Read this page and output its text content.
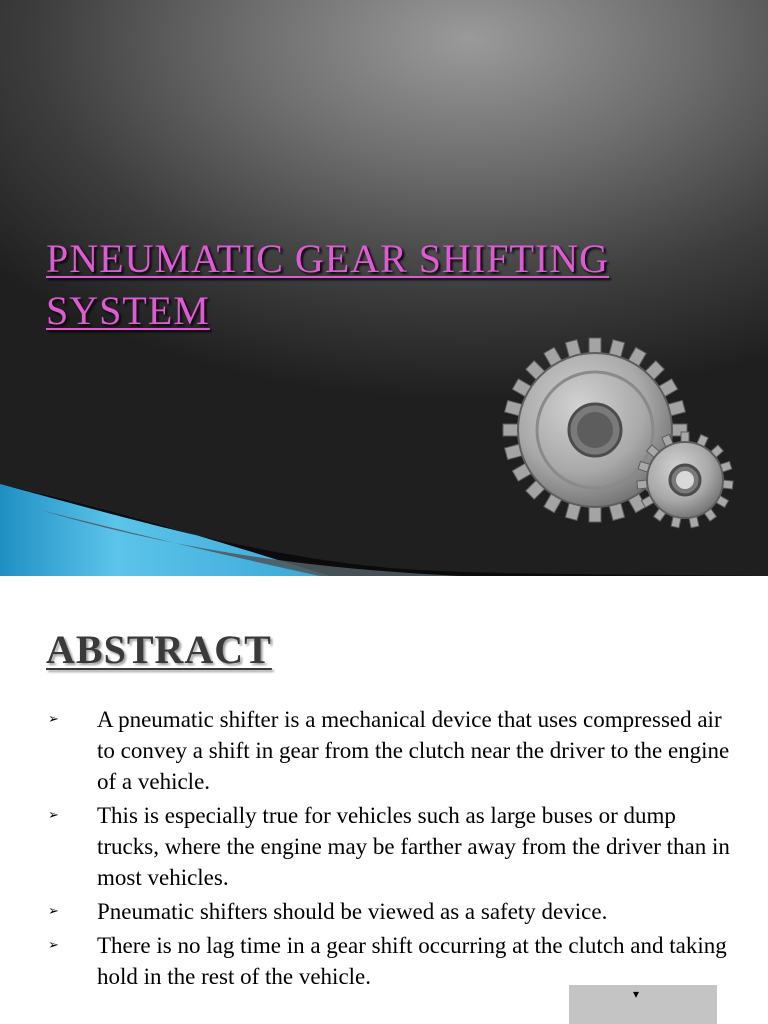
PNEUMATIC GEAR SHIFTING
SYSTEM
ABSTRACT
➢ A pneumatic shifter is a mechanical device that uses compressed air to convey a shift in gear from the clutch near the driver to the engine of a vehicle.
➢ This is especially true for vehicles such as large buses or dump trucks, where the engine may be farther away from the driver than in most vehicles.
➢ Pneumatic shifters should be viewed as a safety device.
➢ There is no lag time in a gear shift occurring at the clutch and taking hold in the rest of the vehicle.
▾
